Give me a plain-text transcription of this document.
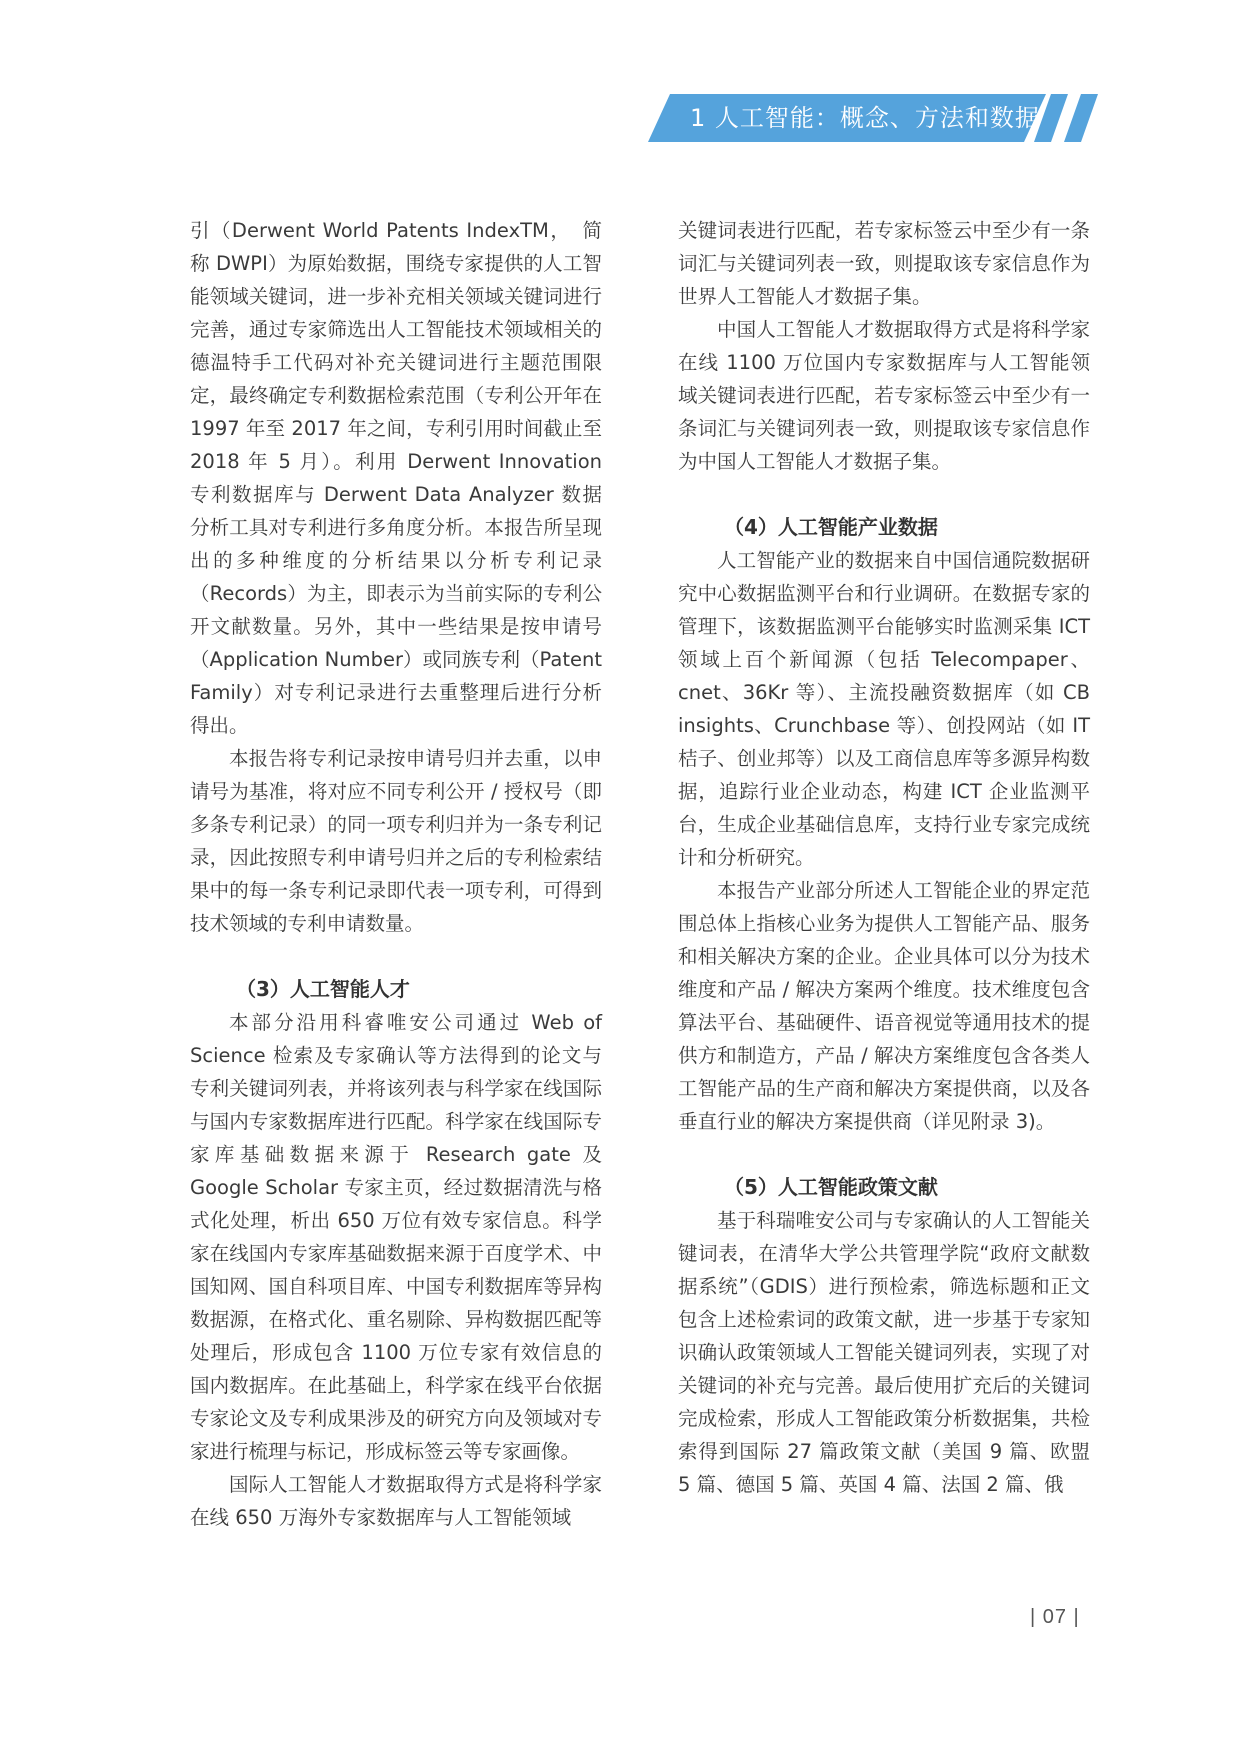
1 人工智能：概念、方法和数据

引（Derwent World Patents IndexTM，　简 称 DWPI）为原始数据，围绕专家提供的人工智能领域关键词，进一步补充相关领域关键词进行完善，通过专家筛选出人工智能技术领域相关的德温特手工代码对补充关键词进行主题范围限定，最终确定专利数据检索范围（专利公开年在 1997 年至 2017 年之间，专利引用时间截止至 2018 年 5 月）。利用 Derwent Innovation 专利数据库与 Derwent Data Analyzer 数据分析工具对专利进行多角度分析。本报告所呈现出的多种维度的分析结果以分析专利记录（Records）为主，即表示为当前实际的专利公开文献数量。另外，其中一些结果是按申请号（Application Number）或同族专利（Patent Family）对专利记录进行去重整理后进行分析得出。

本报告将专利记录按申请号归并去重，以申请号为基准，将对应不同专利公开 / 授权号（即多条专利记录）的同一项专利归并为一条专利记录，因此按照专利申请号归并之后的专利检索结果中的每一条专利记录即代表一项专利，可得到技术领域的专利申请数量。

（3）人工智能人才

本部分沿用科睿唯安公司通过 Web of Science 检索及专家确认等方法得到的论文与专利关键词列表，并将该列表与科学家在线国际与国内专家数据库进行匹配。科学家在线国际专家库基础数据来源于 Research gate 及 Google Scholar 专家主页，经过数据清洗与格式化处理，析出 650 万位有效专家信息。科学家在线国内专家库基础数据来源于百度学术、中国知网、国自科项目库、中国专利数据库等异构数据源，在格式化、重名剔除、异构数据匹配等处理后，形成包含 1100 万位专家有效信息的国内数据库。在此基础上，科学家在线平台依据专家论文及专利成果涉及的研究方向及领域对专家进行梳理与标记，形成标签云等专家画像。

国际人工智能人才数据取得方式是将科学家在线 650 万海外专家数据库与人工智能领域

关键词表进行匹配，若专家标签云中至少有一条词汇与关键词列表一致，则提取该专家信息作为世界人工智能人才数据子集。

中国人工智能人才数据取得方式是将科学家在线 1100 万位国内专家数据库与人工智能领域关键词表进行匹配，若专家标签云中至少有一条词汇与关键词列表一致，则提取该专家信息作为中国人工智能人才数据子集。

（4）人工智能产业数据

人工智能产业的数据来自中国信通院数据研究中心数据监测平台和行业调研。在数据专家的管理下，该数据监测平台能够实时监测采集 ICT 领域上百个新闻源（包括 Telecompaper、cnet、36Kr 等）、主流投融资数据库（如 CB insights、Crunchbase 等）、创投网站（如 IT 桔子、创业邦等）以及工商信息库等多源异构数据，追踪行业企业动态，构建 ICT 企业监测平台，生成企业基础信息库，支持行业专家完成统计和分析研究。

本报告产业部分所述人工智能企业的界定范围总体上指核心业务为提供人工智能产品、服务和相关解决方案的企业。企业具体可以分为技术维度和产品 / 解决方案两个维度。技术维度包含算法平台、基础硬件、语音视觉等通用技术的提供方和制造方，产品 / 解决方案维度包含各类人工智能产品的生产商和解决方案提供商，以及各垂直行业的解决方案提供商（详见附录 3)。

（5）人工智能政策文献

基于科瑞唯安公司与专家确认的人工智能关键词表，在清华大学公共管理学院“政府文献数据系统”（GDIS）进行预检索，筛选标题和正文包含上述检索词的政策文献，进一步基于专家知识确认政策领域人工智能关键词列表，实现了对关键词的补充与完善。最后使用扩充后的关键词完成检索，形成人工智能政策分析数据集，共检索得到国际 27 篇政策文献（美国 9 篇、欧盟 5 篇、德国 5 篇、英国 4 篇、法国 2 篇、俄

| 07 |
